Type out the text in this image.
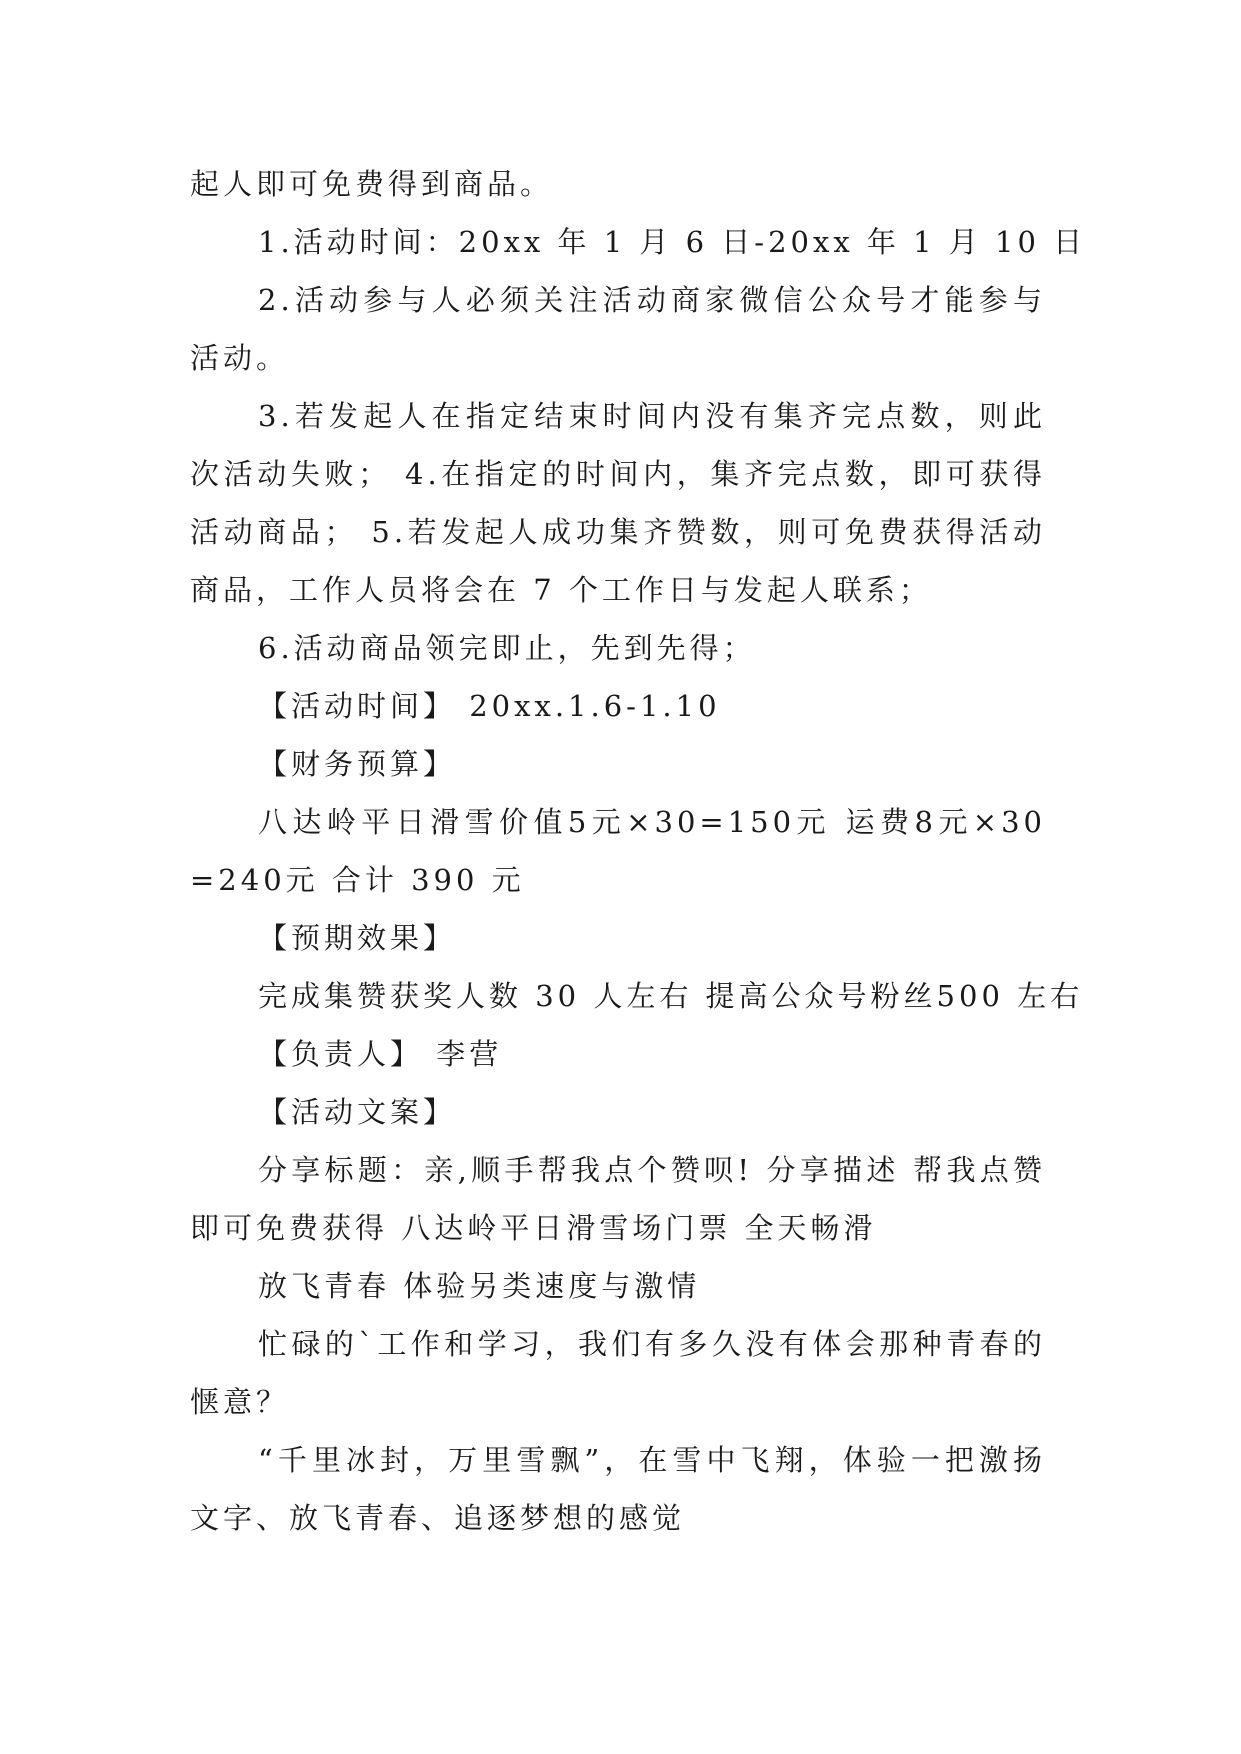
起人即可免费得到商品。

1.活动时间：20xx 年 1 月 6 日-20xx 年 1 月 10 日

2.活动参与人必须关注活动商家微信公众号才能参与活动。

3.若发起人在指定结束时间内没有集齐完点数，则此次活动失败； 4.在指定的时间内，集齐完点数，即可获得活动商品； 5.若发起人成功集齐赞数，则可免费获得活动商品，工作人员将会在 7 个工作日与发起人联系；

6.活动商品领完即止，先到先得；

【活动时间】 20xx.1.6-1.10

【财务预算】

八达岭平日滑雪价值5元×30=150元 运费8元×30=240元 合计 390 元

【预期效果】

完成集赞获奖人数 30 人左右 提高公众号粉丝500 左右

【负责人】 李营

【活动文案】

分享标题：亲,顺手帮我点个赞呗! 分享描述 帮我点赞即可免费获得 八达岭平日滑雪场门票 全天畅滑

放飞青春 体验另类速度与激情

忙碌的`工作和学习，我们有多久没有体会那种青春的惬意？

“千里冰封，万里雪飘”，在雪中飞翔，体验一把激扬文字、放飞青春、追逐梦想的感觉
